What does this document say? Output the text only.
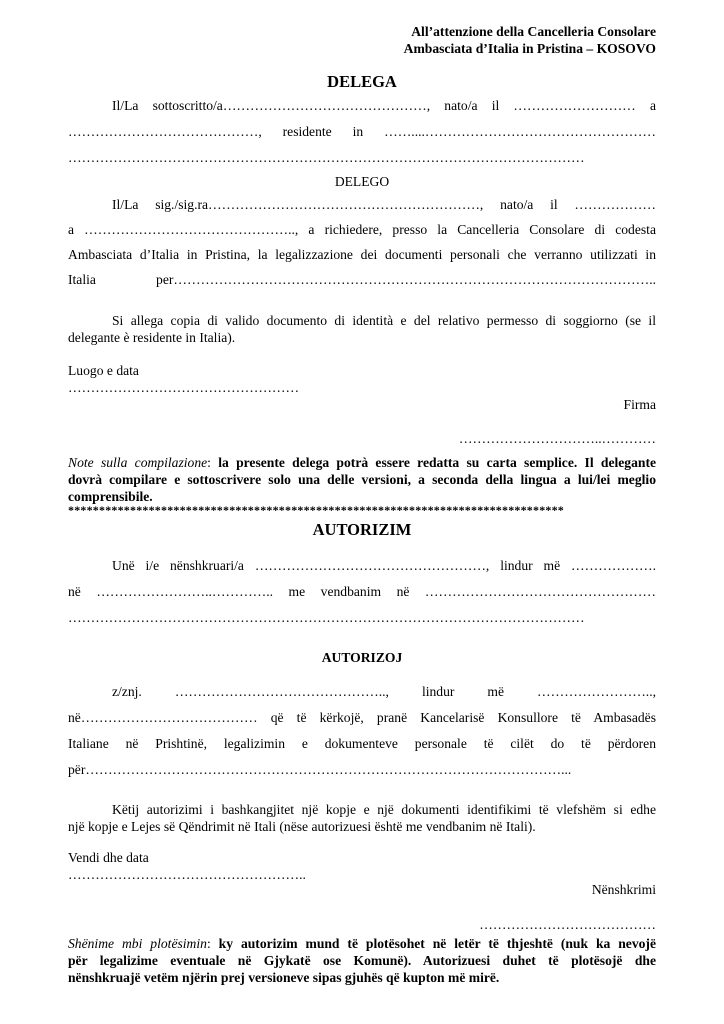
All’attenzione della Cancelleria Consolare
Ambasciata d’Italia in Pristina – KOSOVO
DELEGA
Il/La sottoscritto/a………………………………………, nato/a il ……………………… a
……………………………………, residente in ……....……………………………………………
……………………………………………………………………………………………………
DELEGO
Il/La sig./sig.ra……………………………………………………, nato/a il ………………
a ……………………………………….., a richiedere, presso la Cancelleria Consolare di codesta
Ambasciata d’Italia in Pristina, la legalizzazione dei documenti personali che verranno utilizzati in
Italia per……………………………………………………………………………………………..
Si allega copia di valido documento di identità e del relativo permesso di soggiorno (se il
delegante è residente in Italia).
Luogo e data
……………………………………………
Firma
…………………………..…………
Note sulla compilazione: la presente delega potrà essere redatta su carta semplice. Il delegante
dovrà compilare e sottoscrivere solo una delle versioni, a seconda della lingua a lui/lei meglio
comprensibile.
********************************************************************************
AUTORIZIM
Unë i/e nënshkruari/a ……………………………………………, lindur më ……………….
në ……………………..………….. me vendbanim në ……………………………………………
……………………………………………………………………………………………………
AUTORIZOJ
z/znj. ……………………………………….., lindur më ……………………..,
në………………………………… që të kërkojë, pranë Kancelarisë Konsullore të Ambasadës
Italiane në Prishtinë, legalizimin e dokumenteve personale të cilët do të përdoren
për……………………………………………………………………………………………...
Këtij autorizimi i bashkangjitet një kopje e një dokumenti identifikimi të vlefshëm si edhe
një kopje e Lejes së Qëndrimit në Itali (nëse autorizuesi është me vendbanim në Itali).
Vendi dhe data
……………………………………………..
Nënshkrimi
…………………………………
Shënime mbi plotësimin: ky autorizim mund të plotësohet në letër të thjeshtë (nuk ka nevojë
për legalizime eventuale në Gjykatë ose Komunë). Autorizuesi duhet të plotësojë dhe
nënshkruajë vetëm njërin prej versioneve sipas gjuhës që kupton më mirë.
